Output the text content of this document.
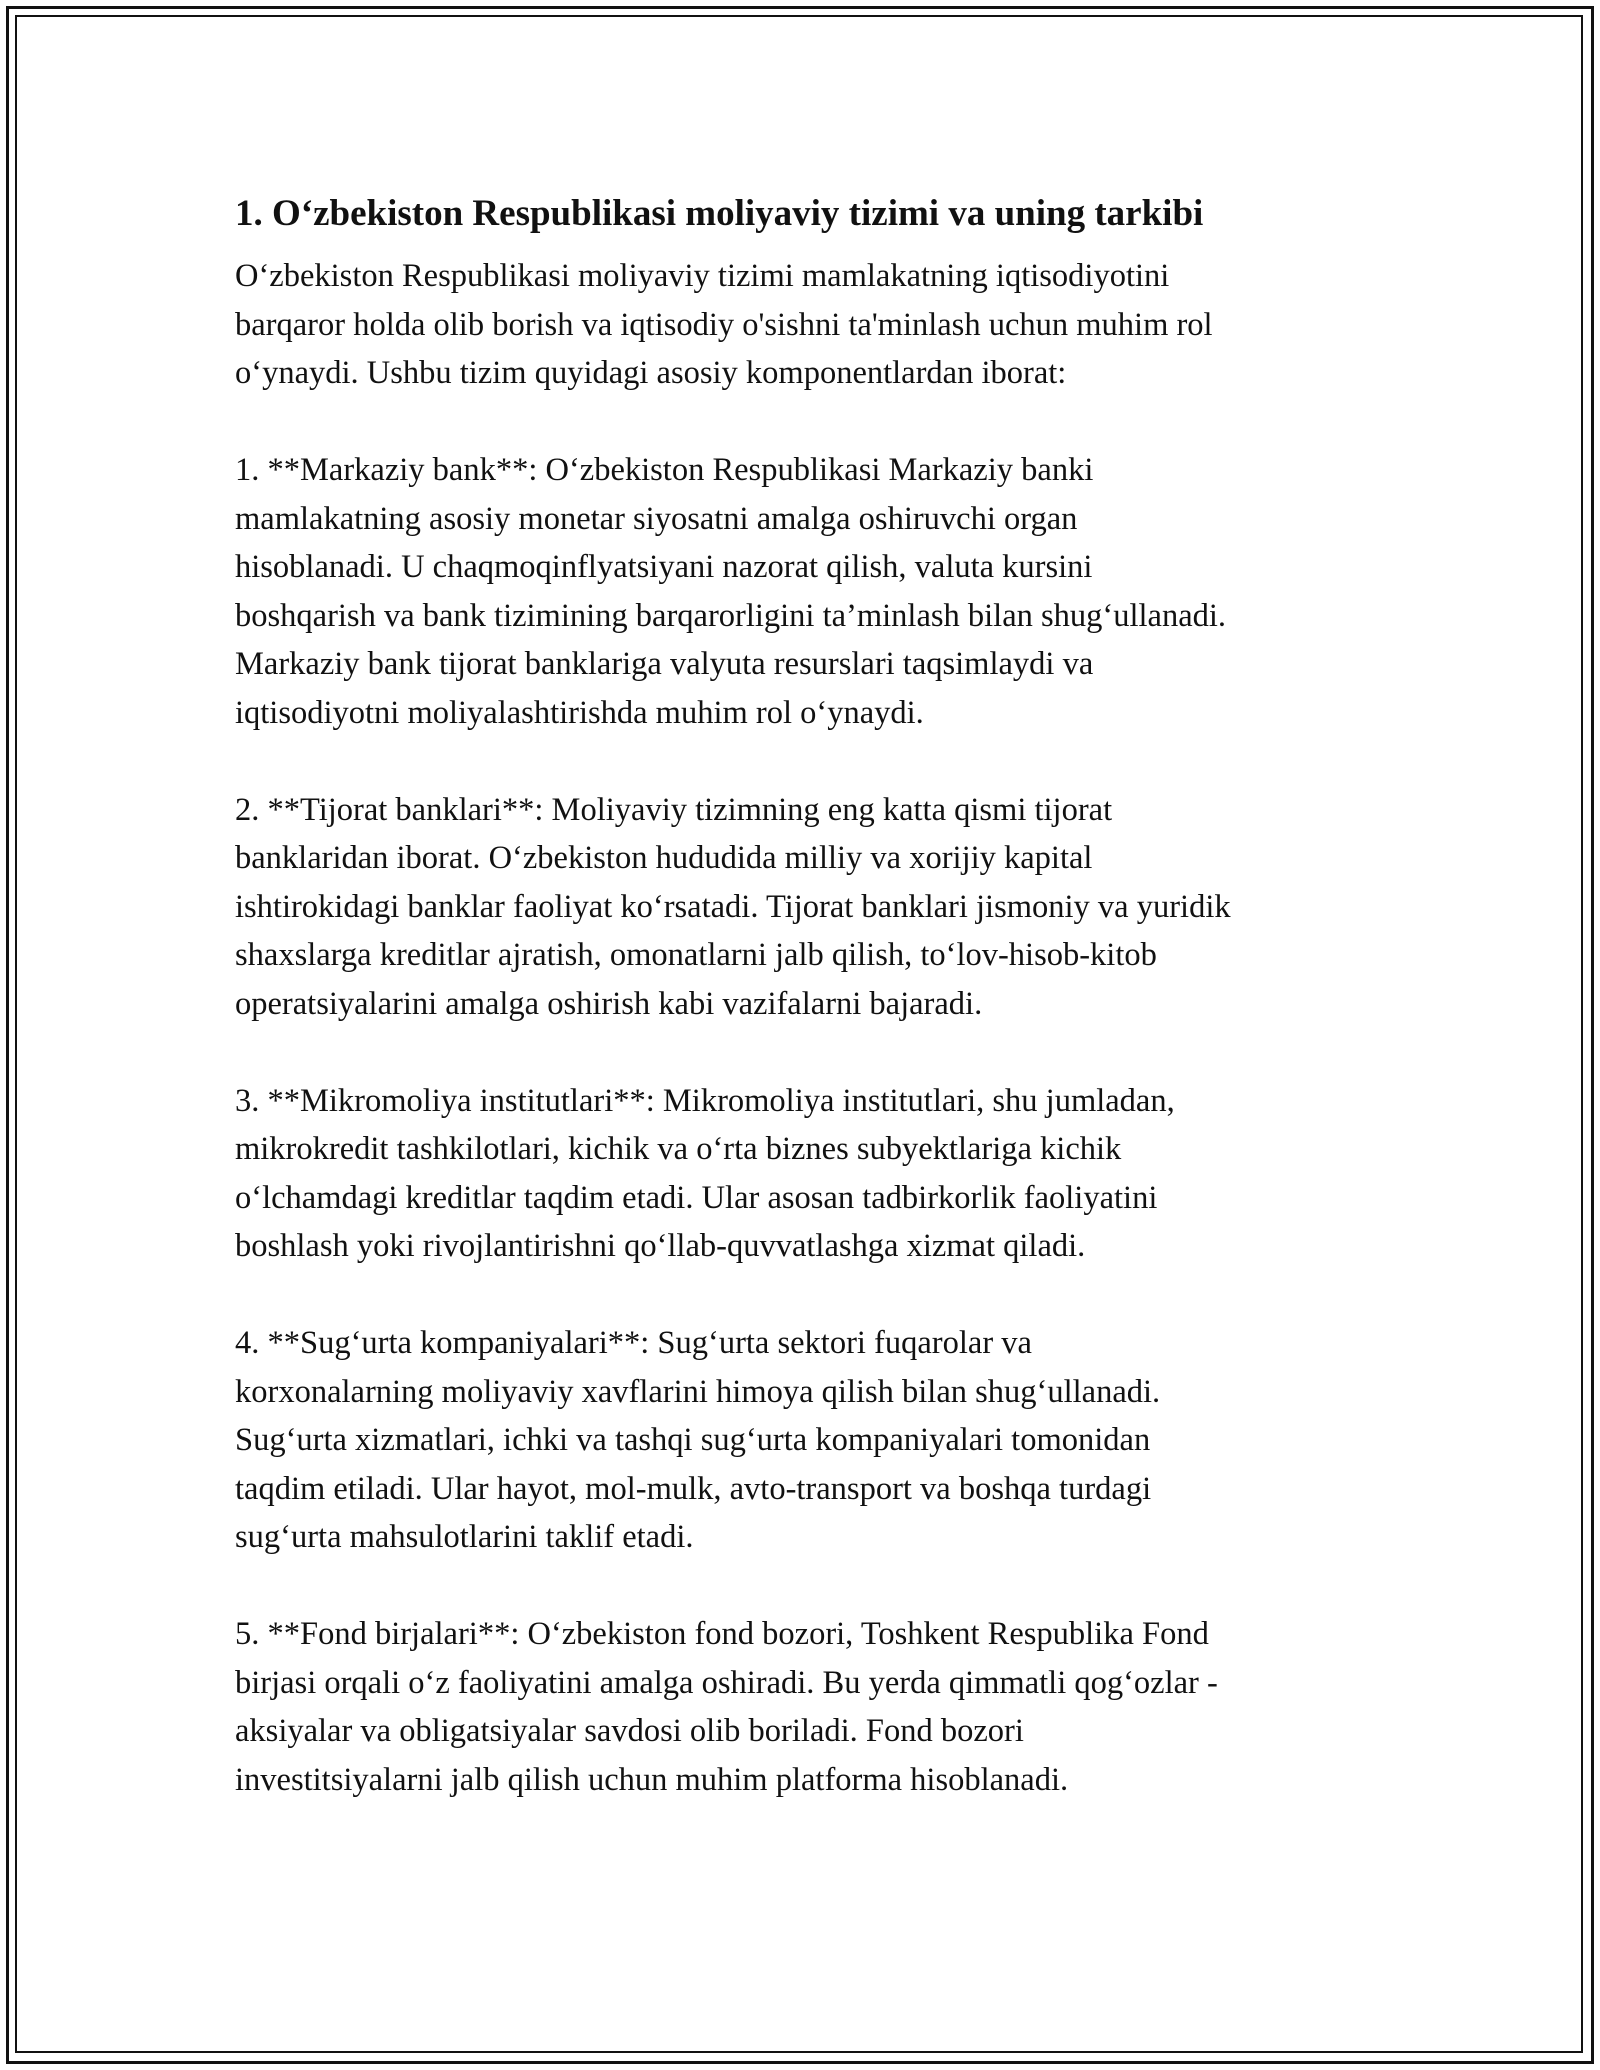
1. O‘zbekiston Respublikasi moliyaviy tizimi va uning tarkibi
O‘zbekiston Respublikasi moliyaviy tizimi mamlakatning iqtisodiyotini
barqaror holda olib borish va iqtisodiy o'sishni ta'minlash uchun muhim rol
o‘ynaydi. Ushbu tizim quyidagi asosiy komponentlardan iborat:
1. **Markaziy bank**: O‘zbekiston Respublikasi Markaziy banki
mamlakatning asosiy monetar siyosatni amalga oshiruvchi organ
hisoblanadi. U chaqmoqinflyatsiyani nazorat qilish, valuta kursini
boshqarish va bank tizimining barqarorligini ta’minlash bilan shug‘ullanadi.
Markaziy bank tijorat banklariga valyuta resurslari taqsimlaydi va
iqtisodiyotni moliyalashtirishda muhim rol o‘ynaydi.
2. **Tijorat banklari**: Moliyaviy tizimning eng katta qismi tijorat
banklaridan iborat. O‘zbekiston hududida milliy va xorijiy kapital
ishtirokidagi banklar faoliyat ko‘rsatadi. Tijorat banklari jismoniy va yuridik
shaxslarga kreditlar ajratish, omonatlarni jalb qilish, to‘lov-hisob-kitob
operatsiyalarini amalga oshirish kabi vazifalarni bajaradi.
3. **Mikromoliya institutlari**: Mikromoliya institutlari, shu jumladan,
mikrokredit tashkilotlari, kichik va o‘rta biznes subyektlariga kichik
o‘lchamdagi kreditlar taqdim etadi. Ular asosan tadbirkorlik faoliyatini
boshlash yoki rivojlantirishni qo‘llab-quvvatlashga xizmat qiladi.
4. **Sug‘urta kompaniyalari**: Sug‘urta sektori fuqarolar va
korxonalarning moliyaviy xavflarini himoya qilish bilan shug‘ullanadi.
Sug‘urta xizmatlari, ichki va tashqi sug‘urta kompaniyalari tomonidan
taqdim etiladi. Ular hayot, mol-mulk, avto-transport va boshqa turdagi
sug‘urta mahsulotlarini taklif etadi.
5. **Fond birjalari**: O‘zbekiston fond bozori, Toshkent Respublika Fond
birjasi orqali o‘z faoliyatini amalga oshiradi. Bu yerda qimmatli qog‘ozlar -
aksiyalar va obligatsiyalar savdosi olib boriladi. Fond bozori
investitsiyalarni jalb qilish uchun muhim platforma hisoblanadi.
